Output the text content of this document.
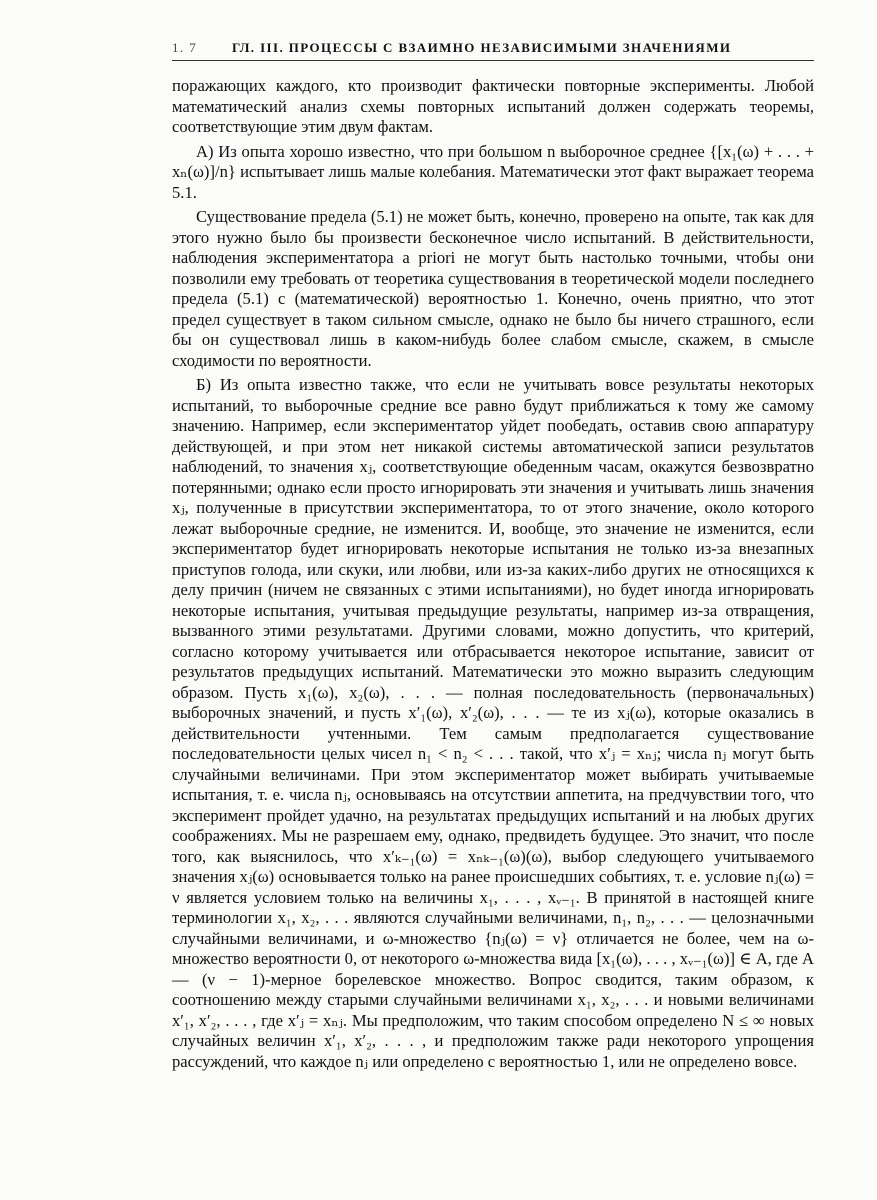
1. 7	ГЛ. III. ПРОЦЕССЫ С ВЗАИМНО НЕЗАВИСИМЫМИ ЗНАЧЕНИЯМИ

поражающих каждого, кто производит фактически повторные эксперименты. Любой математический анализ схемы повторных испытаний должен содержать теоремы, соответствующие этим двум фактам.

А) Из опыта хорошо известно, что при большом n выборочное среднее {[x₁(ω) + . . . + xₙ(ω)]/n} испытывает лишь малые колебания. Математически этот факт выражает теорема 5.1.

Существование предела (5.1) не может быть, конечно, проверено на опыте, так как для этого нужно было бы произвести бесконечное число испытаний. В действительности, наблюдения экспериментатора a priori не могут быть настолько точными, чтобы они позволили ему требовать от теоретика существования в теоретической модели последнего предела (5.1) с (математической) вероятностью 1. Конечно, очень приятно, что этот предел существует в таком сильном смысле, однако не было бы ничего страшного, если бы он существовал лишь в каком-нибудь более слабом смысле, скажем, в смысле сходимости по вероятности.

Б) Из опыта известно также, что если не учитывать вовсе результаты некоторых испытаний, то выборочные средние все равно будут приближаться к тому же самому значению. Например, если экспериментатор уйдет пообедать, оставив свою аппаратуру действующей, и при этом нет никакой системы автоматической записи результатов наблюдений, то значения xⱼ, соответствующие обеденным часам, окажутся безвозвратно потерянными; однако если просто игнорировать эти значения и учитывать лишь значения xⱼ, полученные в присутствии экспериментатора, то от этого значение, около которого лежат выборочные средние, не изменится. И, вообще, это значение не изменится, если экспериментатор будет игнорировать некоторые испытания не только из-за внезапных приступов голода, или скуки, или любви, или из-за каких-либо других не относящихся к делу причин (ничем не связанных с этими испытаниями), но будет иногда игнорировать некоторые испытания, учитывая предыдущие результаты, например из-за отвращения, вызванного этими результатами. Другими словами, можно допустить, что критерий, согласно которому учитывается или отбрасывается некоторое испытание, зависит от результатов предыдущих испытаний. Математически это можно выразить следующим образом. Пусть x₁(ω), x₂(ω), . . . — полная последовательность (первоначальных) выборочных значений, и пусть x′₁(ω), x′₂(ω), . . . — те из xⱼ(ω), которые оказались в действительности учтенными. Тем самым предполагается существование последовательности целых чисел n₁ < n₂ < . . . такой, что x′ⱼ = xₙⱼ; числа nⱼ могут быть случайными величинами. При этом экспериментатор может выбирать учитываемые испытания, т. е. числа nⱼ, основываясь на отсутствии аппетита, на предчувствии того, что эксперимент пройдет удачно, на результатах предыдущих испытаний и на любых других соображениях. Мы не разрешаем ему, однако, предвидеть будущее. Это значит, что после того, как выяснилось, что x′ₖ₋₁(ω) = xₙₖ₋₁(ω)(ω), выбор следующего учитываемого значения xⱼ(ω) основывается только на ранее происшедших событиях, т. е. условие nⱼ(ω) = ν является условием только на величины x₁, . . . , xᵥ₋₁. В принятой в настоящей книге терминологии x₁, x₂, . . . являются случайными величинами, n₁, n₂, . . . — целозначными случайными величинами, и ω-множество {nⱼ(ω) = ν} отличается не более, чем на ω-множество вероятности 0, от некоторого ω-множества вида [x₁(ω), . . . , xᵥ₋₁(ω)] ∈ A, где A — (ν − 1)-мерное борелевское множество. Вопрос сводится, таким образом, к соотношению между старыми случайными величинами x₁, x₂, . . . и новыми величинами x′₁, x′₂, . . . , где x′ⱼ = xₙⱼ. Мы предположим, что таким способом определено N ≤ ∞ новых случайных величин x′₁, x′₂, . . . , и предположим также ради некоторого упрощения рассуждений, что каждое nⱼ или определено с вероятностью 1, или не определено вовсе.
